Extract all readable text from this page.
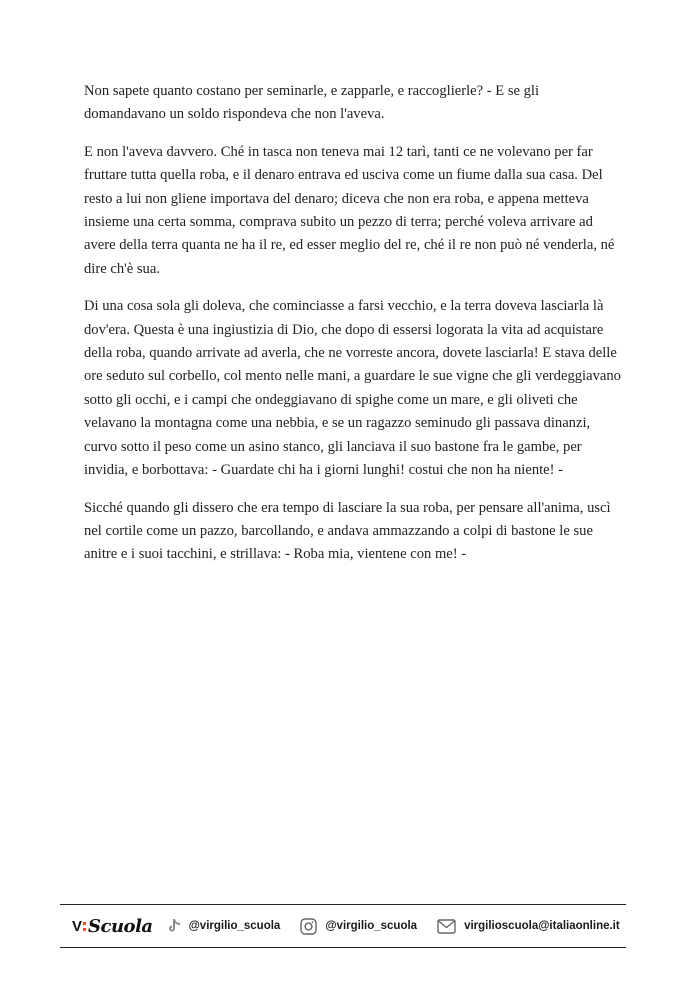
Non sapete quanto costano per seminarle, e zapparle, e raccoglierle? - E se gli domandavano un soldo rispondeva che non l'aveva.

E non l'aveva davvero. Ché in tasca non teneva mai 12 tarì, tanti ce ne volevano per far fruttare tutta quella roba, e il denaro entrava ed usciva come un fiume dalla sua casa. Del resto a lui non gliene importava del denaro; diceva che non era roba, e appena metteva insieme una certa somma, comprava subito un pezzo di terra; perché voleva arrivare ad avere della terra quanta ne ha il re, ed esser meglio del re, ché il re non può né venderla, né dire ch'è sua.

Di una cosa sola gli doleva, che cominciasse a farsi vecchio, e la terra doveva lasciarla là dov'era. Questa è una ingiustizia di Dio, che dopo di essersi logorata la vita ad acquistare della roba, quando arrivate ad averla, che ne vorreste ancora, dovete lasciarla! E stava delle ore seduto sul corbello, col mento nelle mani, a guardare le sue vigne che gli verdeggiavano sotto gli occhi, e i campi che ondeggiavano di spighe come un mare, e gli oliveti che velavano la montagna come una nebbia, e se un ragazzo seminudo gli passava dinanzi, curvo sotto il peso come un asino stanco, gli lanciava il suo bastone fra le gambe, per invidia, e borbottava: - Guardate chi ha i giorni lunghi! costui che non ha niente! -

Sicché quando gli dissero che era tempo di lasciare la sua roba, per pensare all'anima, uscì nel cortile come un pazzo, barcollando, e andava ammazzando a colpi di bastone le sue anitre e i suoi tacchini, e strillava: - Roba mia, vientene con me! -

V Scuola	@virgilio_scuola	@virgilio_scuola	virgilioscuola@italiaonline.it
